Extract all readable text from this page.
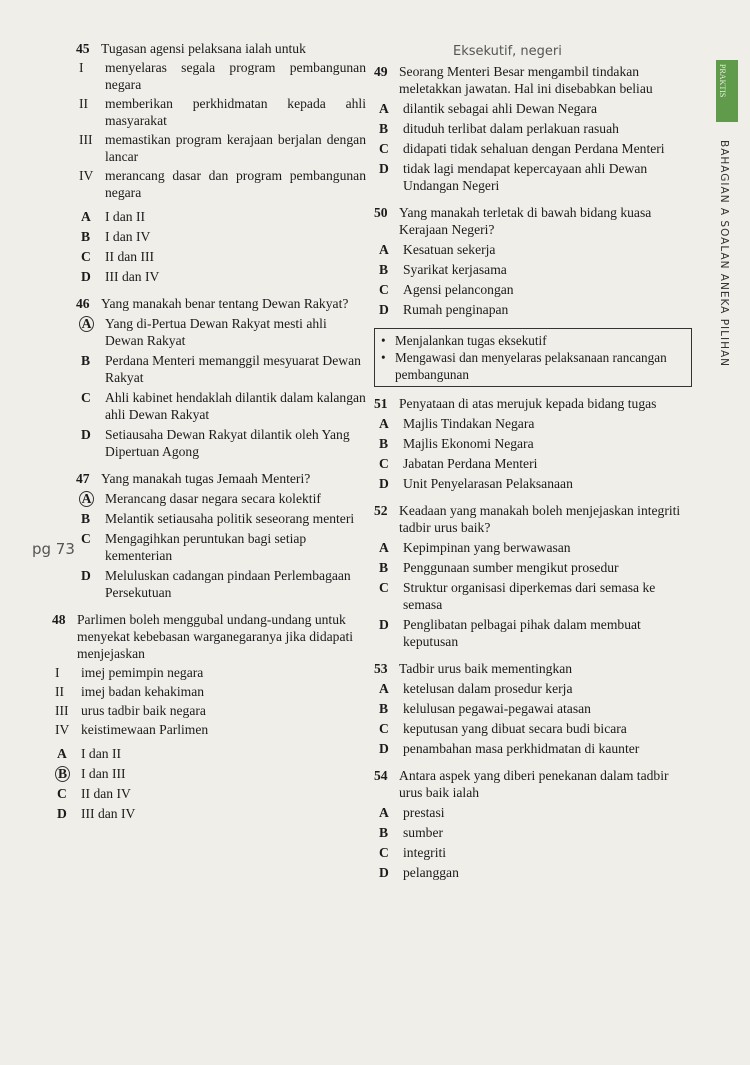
Eksekutif, negeri
pg 73
PRAKTIS
BAHAGIAN A SOALAN ANEKA PILIHAN
45 Tugasan agensi pelaksana ialah untuk
I	menyelaras segala program pembangunan negara
II	memberikan perkhidmatan kepada ahli masyarakat
III memastikan program kerajaan berjalan dengan lancar
IV merancang dasar dan program pembangunan negara
A	I dan II
B	I dan IV
C	II dan III
D	III dan IV
46 Yang manakah benar tentang Dewan Rakyat?
A Yang di-Pertua Dewan Rakyat mesti ahli Dewan Rakyat
B	Perdana Menteri memanggil mesyuarat Dewan Rakyat
C	Ahli kabinet hendaklah dilantik dalam kalangan ahli Dewan Rakyat
D	Setiausaha Dewan Rakyat dilantik oleh Yang Dipertuan Agong
47 Yang manakah tugas Jemaah Menteri?
A Merancang dasar negara secara kolektif
B	Melantik setiausaha politik seseorang menteri
C	Mengagihkan peruntukan bagi setiap kementerian
D	Meluluskan cadangan pindaan Perlembagaan Persekutuan
48 Parlimen boleh menggubal undang-undang untuk menyekat kebebasan warganegaranya jika didapati menjejaskan
I	imej pemimpin negara
II	imej badan kehakiman
III urus tadbir baik negara
IV keistimewaan Parlimen
A	I dan II
B	I dan III
C	II dan IV
D	III dan IV
49 Seorang Menteri Besar mengambil tindakan meletakkan jawatan. Hal ini disebabkan beliau
A	dilantik sebagai ahli Dewan Negara
B	dituduh terlibat dalam perlakuan rasuah
C	didapati tidak sehaluan dengan Perdana Menteri
D	tidak lagi mendapat kepercayaan ahli Dewan Undangan Negeri
50 Yang manakah terletak di bawah bidang kuasa Kerajaan Negeri?
A	Kesatuan sekerja
B	Syarikat kerjasama
C	Agensi pelancongan
D	Rumah penginapan
• Menjalankan tugas eksekutif
• Mengawasi dan menyelaras pelaksanaan rancangan pembangunan
51 Penyataan di atas merujuk kepada bidang tugas
A	Majlis Tindakan Negara
B	Majlis Ekonomi Negara
C	Jabatan Perdana Menteri
D	Unit Penyelarasan Pelaksanaan
52 Keadaan yang manakah boleh menjejaskan integriti tadbir urus baik?
A	Kepimpinan yang berwawasan
B	Penggunaan sumber mengikut prosedur
C	Struktur organisasi diperkemas dari semasa ke semasa
D	Penglibatan pelbagai pihak dalam membuat keputusan
53 Tadbir urus baik mementingkan
A	ketelusan dalam prosedur kerja
B	kelulusan pegawai-pegawai atasan
C	keputusan yang dibuat secara budi bicara
D	penambahan masa perkhidmatan di kaunter
54 Antara aspek yang diberi penekanan dalam tadbir urus baik ialah
A	prestasi
B	sumber
C	integriti
D	pelanggan
